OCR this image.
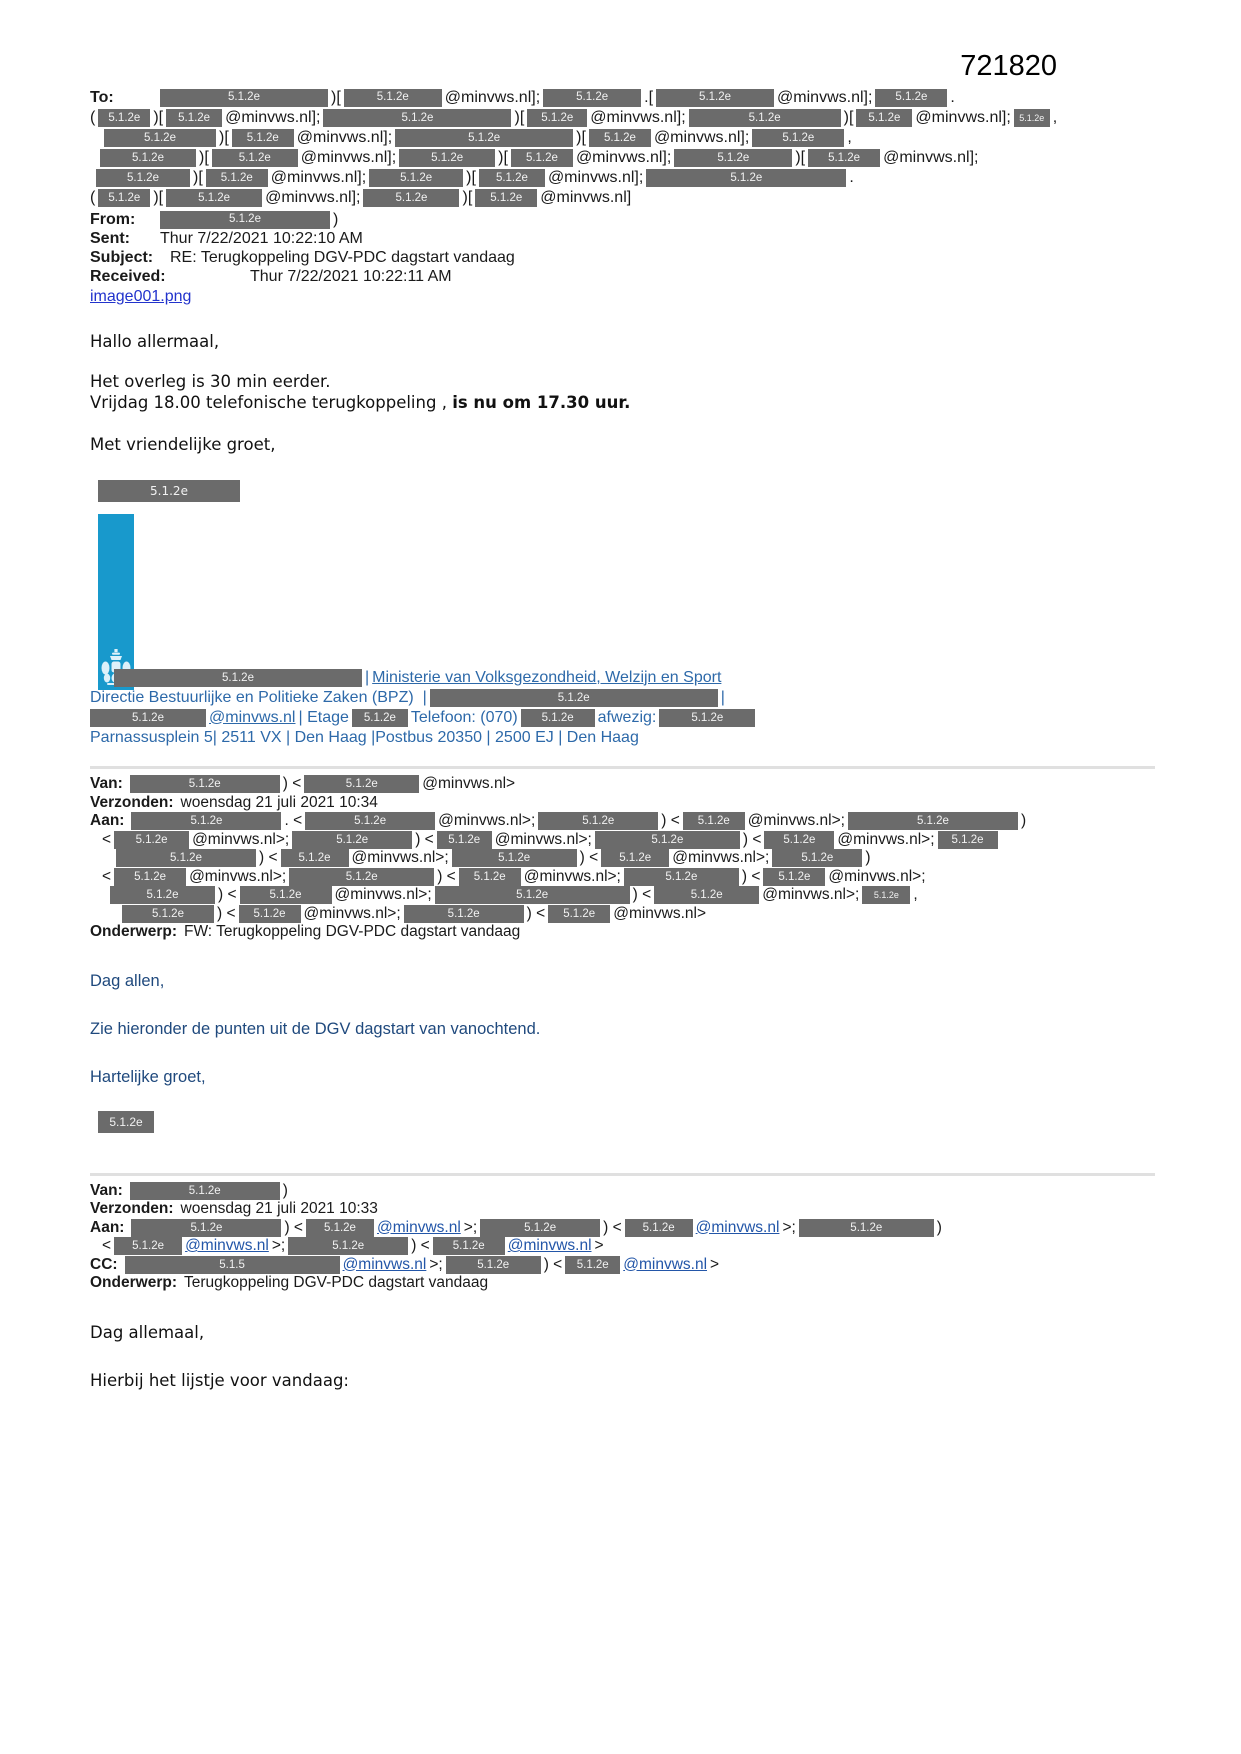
721820
To:	5.1.2e	)[	5.1.2e	@minvws.nl];	5.1.2e	.[	5.1.2e	@minvws.nl];	5.1.2e	.
(	5.1.2e )[	5.1.2e @minvws.nl];	5.1.2e	)[	5.1.2e	@minvws.nl];	5.1.2e	)[	5.1.2e @minvws.nl]; 5.1.2e ,
5.1.2e	)[	5.1.2e	@minvws.nl];	5.1.2e	)[	5.1.2e	@minvws.nl];	5.1.2e	,
5.1.2e	)[	5.1.2e	@minvws.nl];	5.1.2e	)[	5.1.2e	@minvws.nl];	5.1.2e	)[	5.1.2e	@minvws.nl];
5.1.2e	)[	5.1.2e	@minvws.nl];	5.1.2e	)[	5.1.2e	@minvws.nl];	5.1.2e	.
(	5.1.2e )[	5.1.2e	@minvws.nl];	5.1.2e	)[	5.1.2e	@minvws.nl]
From:	5.1.2e	)
Sent:	Thur 7/22/2021 10:22:10 AM
Subject:	RE: Terugkoppeling DGV-PDC dagstart vandaag
Received:	Thur 7/22/2021 10:22:11 AM
image001.png
Hallo allermaal,
Het overleg is 30 min eerder.
Vrijdag 18.00 telefonische terugkoppeling , is nu om 17.30 uur.
Met vriendelijke groet,
5.1.2e
5.1.2e	| Ministerie van Volksgezondheid, Welzijn en Sport
Directie Bestuurlijke en Politieke Zaken (BPZ)  |	5.1.2e	|
5.1.2e	@minvws.nl | Etage	5.1.2e Telefoon: (070)	5.1.2e	afwezig:	5.1.2e
Parnassusplein 5| 2511 VX | Den Haag |Postbus 20350 | 2500 EJ | Den Haag
Van:	5.1.2e	) <	5.1.2e	@minvws.nl>
Verzonden: woensdag 21 juli 2021 10:34
Aan:	5.1.2e	. <	5.1.2e	@minvws.nl>;	5.1.2e	) <	5.1.2e	@minvws.nl>;	5.1.2e	)
<	5.1.2e	@minvws.nl>;	5.1.2e	) <	5.1.2e @minvws.nl>;	5.1.2e	) <	5.1.2e	@minvws.nl>;	5.1.2e
5.1.2e	) <	5.1.2e	@minvws.nl>;	5.1.2e	) <	5.1.2e	@minvws.nl>;	5.1.2e	)
<	5.1.2e	@minvws.nl>;	5.1.2e	) <	5.1.2e	@minvws.nl>;	5.1.2e	) <	5.1.2e	@minvws.nl>;
5.1.2e	) <	5.1.2e	@minvws.nl>;	5.1.2e	) <	5.1.2e	@minvws.nl>;	5.1.2e ,
5.1.2e	) <	5.1.2e	@minvws.nl>;	5.1.2e	) <	5.1.2e	@minvws.nl>
Onderwerp: FW: Terugkoppeling DGV-PDC dagstart vandaag
Dag allen,
Zie hieronder de punten uit de DGV dagstart van vanochtend.
Hartelijke groet,
5.1.2e
Van:	5.1.2e	)
Verzonden: woensdag 21 juli 2021 10:33
Aan:	5.1.2e	) <	5.1.2e	@minvws.nl >;	5.1.2e	) <	5.1.2e	@minvws.nl >;	5.1.2e	)
<	5.1.2e	@minvws.nl >;	5.1.2e	) <	5.1.2e	@minvws.nl >
CC:	5.1.5	@minvws.nl >;	5.1.2e	) <	5.1.2e @minvws.nl >
Onderwerp: Terugkoppeling DGV-PDC dagstart vandaag
Dag allemaal,
Hierbij het lijstje voor vandaag:
